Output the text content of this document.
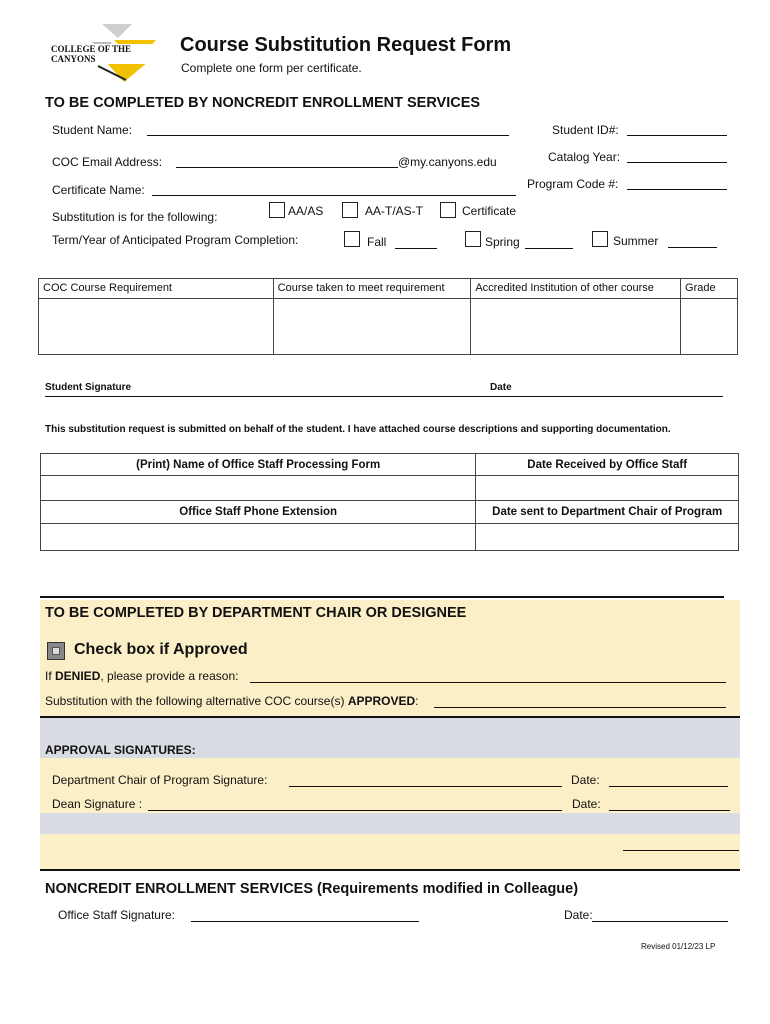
COLLEGE OF THE CANYONS
Course Substitution Request Form
Complete one form per certificate.
TO BE COMPLETED BY NONCREDIT ENROLLMENT SERVICES
Student Name:	Student ID#:
COC Email Address:	@my.canyons.edu	Catalog Year:
Program Code #:
Certificate Name:
Substitution is for the following:	AA/AS	AA-T/AS-T	Certificate
Term/Year of Anticipated Program Completion:	Fall	Spring	Summer
COC Course Requirement	Course taken to meet requirement	Accredited Institution of other course	Grade

Student Signature	Date
This substitution request is submitted on behalf of the student. I have attached course descriptions and supporting documentation.
(Print) Name of Office Staff Processing Form	Date Received by Office Staff

Office Staff Phone Extension	Date sent to Department Chair of Program

TO BE COMPLETED BY DEPARTMENT CHAIR OR DESIGNEE
Check box if Approved
If DENIED, please provide a reason:
Substitution with the following alternative COC course(s) APPROVED:
APPROVAL SIGNATURES:
Department Chair of Program Signature:	Date:
Dean Signature :	Date:
NONCREDIT ENROLLMENT SERVICES (Requirements modified in Colleague)
Office Staff Signature:	Date:
Revised 01/12/23 LP
